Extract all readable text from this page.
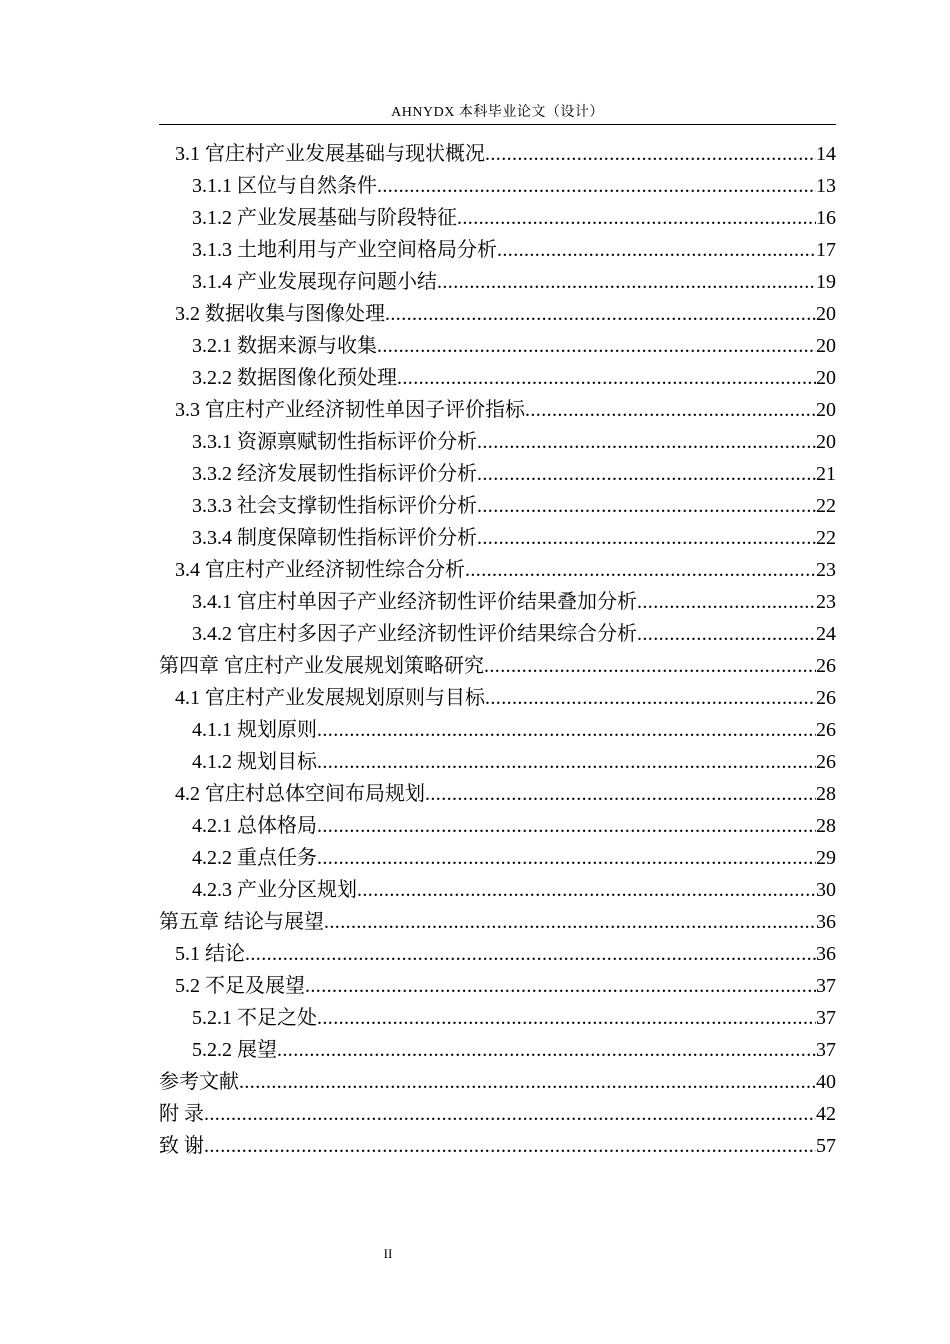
AHNYDX 本科毕业论文（设计）
3.1 官庄村产业发展基础与现状概况 .....	14
3.1.1 区位与自然条件 .....	13
3.1.2 产业发展基础与阶段特征 .....	16
3.1.3 土地利用与产业空间格局分析 .....	17
3.1.4 产业发展现存问题小结 .....	19
3.2 数据收集与图像处理 .....	20
3.2.1 数据来源与收集 .....	20
3.2.2 数据图像化预处理 .....	20
3.3 官庄村产业经济韧性单因子评价指标 .....	20
3.3.1 资源禀赋韧性指标评价分析 .....	20
3.3.2 经济发展韧性指标评价分析 .....	21
3.3.3 社会支撑韧性指标评价分析 .....	22
3.3.4 制度保障韧性指标评价分析 .....	22
3.4 官庄村产业经济韧性综合分析 .....	23
3.4.1 官庄村单因子产业经济韧性评价结果叠加分析 .....	23
3.4.2 官庄村多因子产业经济韧性评价结果综合分析 .....	24
第四章 官庄村产业发展规划策略研究 .....	26
4.1 官庄村产业发展规划原则与目标 .....	26
4.1.1 规划原则 .....	26
4.1.2 规划目标 .....	26
4.2 官庄村总体空间布局规划 .....	28
4.2.1 总体格局 .....	28
4.2.2 重点任务 .....	29
4.2.3 产业分区规划 .....	30
第五章 结论与展望 .....	36
5.1 结论 .....	36
5.2 不足及展望 .....	37
5.2.1 不足之处 .....	37
5.2.2 展望 .....	37
参考文献 .....	40
附 录 .....	42
致 谢 .....	57
II
